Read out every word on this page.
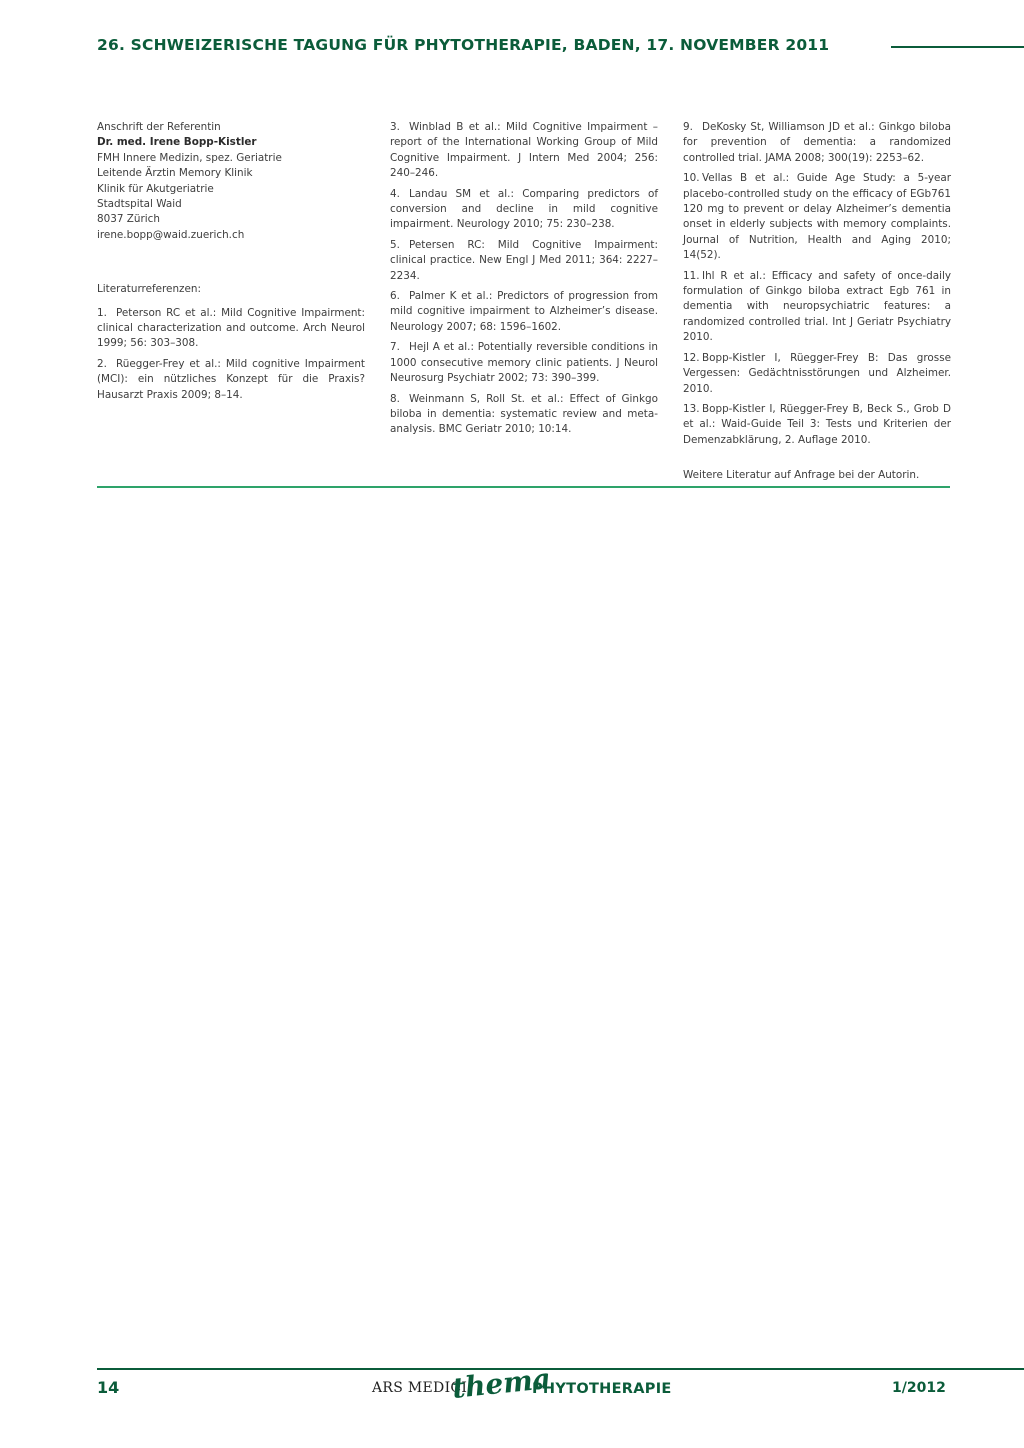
26. SCHWEIZERISCHE TAGUNG FÜR PHYTOTHERAPIE, BADEN, 17. NOVEMBER 2011

Anschrift der Referentin

Dr. med. Irene Bopp-Kistler

FMH Innere Medizin, spez. Geriatrie

Leitende Ärztin Memory Klinik

Klinik für Akutgeriatrie

Stadtspital Waid

8037 Zürich

irene.bopp@waid.zuerich.ch

Literaturreferenzen:

1. Peterson RC et al.: Mild Cognitive Impairment: clinical characterization and outcome. Arch Neurol 1999; 56: 303–308.

2. Rüegger-Frey et al.: Mild cognitive Impairment (MCI): ein nützliches Konzept für die Praxis? Hausarzt Praxis 2009; 8–14.

3. Winblad B et al.: Mild Cognitive Impairment – report of the International Working Group of Mild Cognitive Impairment. J Intern Med 2004; 256: 240–246.

4. Landau SM et al.: Comparing predictors of conversion and decline in mild cognitive impairment. Neurology 2010; 75: 230–238.

5. Petersen RC: Mild Cognitive Impairment: clinical practice. New Engl J Med 2011; 364: 2227–2234.

6. Palmer K et al.: Predictors of progression from mild cognitive impairment to Alzheimer’s disease. Neurology 2007; 68: 1596–1602.

7. Hejl A et al.: Potentially reversible conditions in 1000 consecutive memory clinic patients. J Neurol Neurosurg Psychiatr 2002; 73: 390–399.

8. Weinmann S, Roll St. et al.: Effect of Ginkgo biloba in dementia: systematic review and meta-analysis. BMC Geriatr 2010; 10:14.

9. DeKosky St, Williamson JD et al.: Ginkgo biloba for prevention of dementia: a randomized controlled trial. JAMA 2008; 300(19): 2253–62.

10. Vellas B et al.: Guide Age Study: a 5-year placebo-controlled study on the efficacy of EGb761 120 mg to prevent or delay Alzheimer’s dementia onset in elderly subjects with memory complaints. Journal of Nutrition, Health and Aging 2010; 14(52).

11. Ihl R et al.: Efficacy and safety of once-daily formulation of Ginkgo biloba extract Egb 761 in dementia with neuropsychiatric features: a randomized controlled trial. Int J Geriatr Psychiatry 2010.

12. Bopp-Kistler I, Rüegger-Frey B: Das grosse Vergessen: Gedächtnisstörungen und Alzheimer. 2010.

13. Bopp-Kistler I, Rüegger-Frey B, Beck S., Grob D et al.: Waid-Guide Teil 3: Tests und Kriterien der Demenzabklärung, 2. Auflage 2010.

Weitere Literatur auf Anfrage bei der Autorin.

14	ARS MEDICI
thema
PHYTOTHERAPIE	1/2012
